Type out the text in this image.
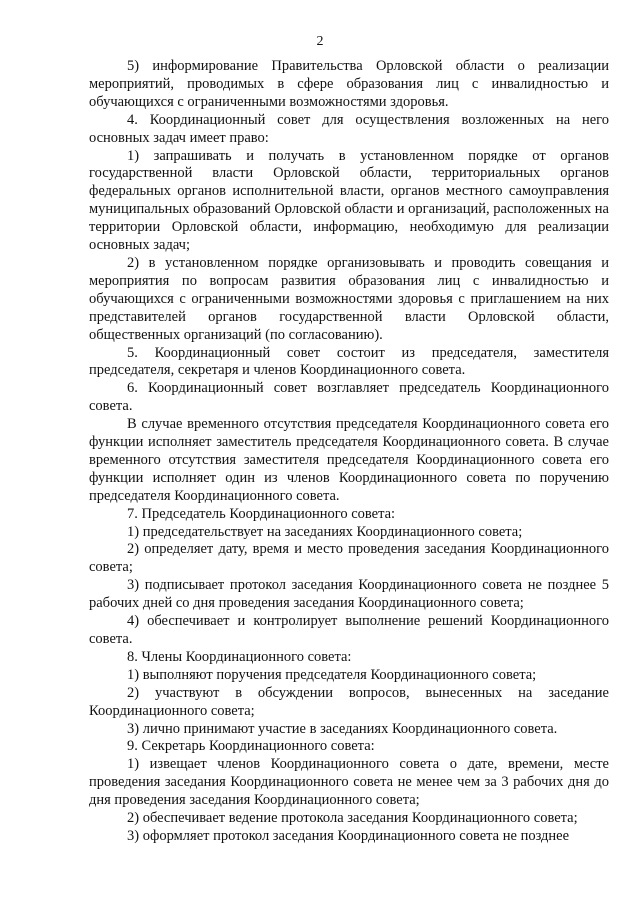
2

5) информирование Правительства Орловской области о реализации мероприятий, проводимых в сфере образования лиц с инвалидностью и обучающихся с ограниченными возможностями здоровья.

4. Координационный совет для осуществления возложенных на него основных задач имеет право:

1) запрашивать и получать в установленном порядке от органов государственной власти Орловской области, территориальных органов федеральных органов исполнительной власти, органов местного самоуправления муниципальных образований Орловской области и организаций, расположенных на территории Орловской области, информацию, необходимую для реализации основных задач;

2) в установленном порядке организовывать и проводить совещания и мероприятия по вопросам развития образования лиц с инвалидностью и обучающихся с ограниченными возможностями здоровья с приглашением на них представителей органов государственной власти Орловской области, общественных организаций (по согласованию).

5. Координационный совет состоит из председателя, заместителя председателя, секретаря и членов Координационного совета.

6. Координационный совет возглавляет председатель Координационного совета.

В случае временного отсутствия председателя Координационного совета его функции исполняет заместитель председателя Координационного совета. В случае временного отсутствия заместителя председателя Координационного совета его функции исполняет один из членов Координационного совета по поручению председателя Координационного совета.

7. Председатель Координационного совета:

1) председательствует на заседаниях Координационного совета;

2) определяет дату, время и место проведения заседания Координационного совета;

3) подписывает протокол заседания Координационного совета не позднее 5 рабочих дней со дня проведения заседания Координационного совета;

4) обеспечивает и контролирует выполнение решений Координационного совета.

8. Члены Координационного совета:

1) выполняют поручения председателя Координационного совета;

2) участвуют в обсуждении вопросов, вынесенных на заседание Координационного совета;

3) лично принимают участие в заседаниях Координационного совета.

9. Секретарь Координационного совета:

1) извещает членов Координационного совета о дате, времени, месте проведения заседания Координационного совета не менее чем за 3 рабочих дня до дня проведения заседания Координационного совета;

2) обеспечивает ведение протокола заседания Координационного совета;

3) оформляет протокол заседания Координационного совета не позднее
